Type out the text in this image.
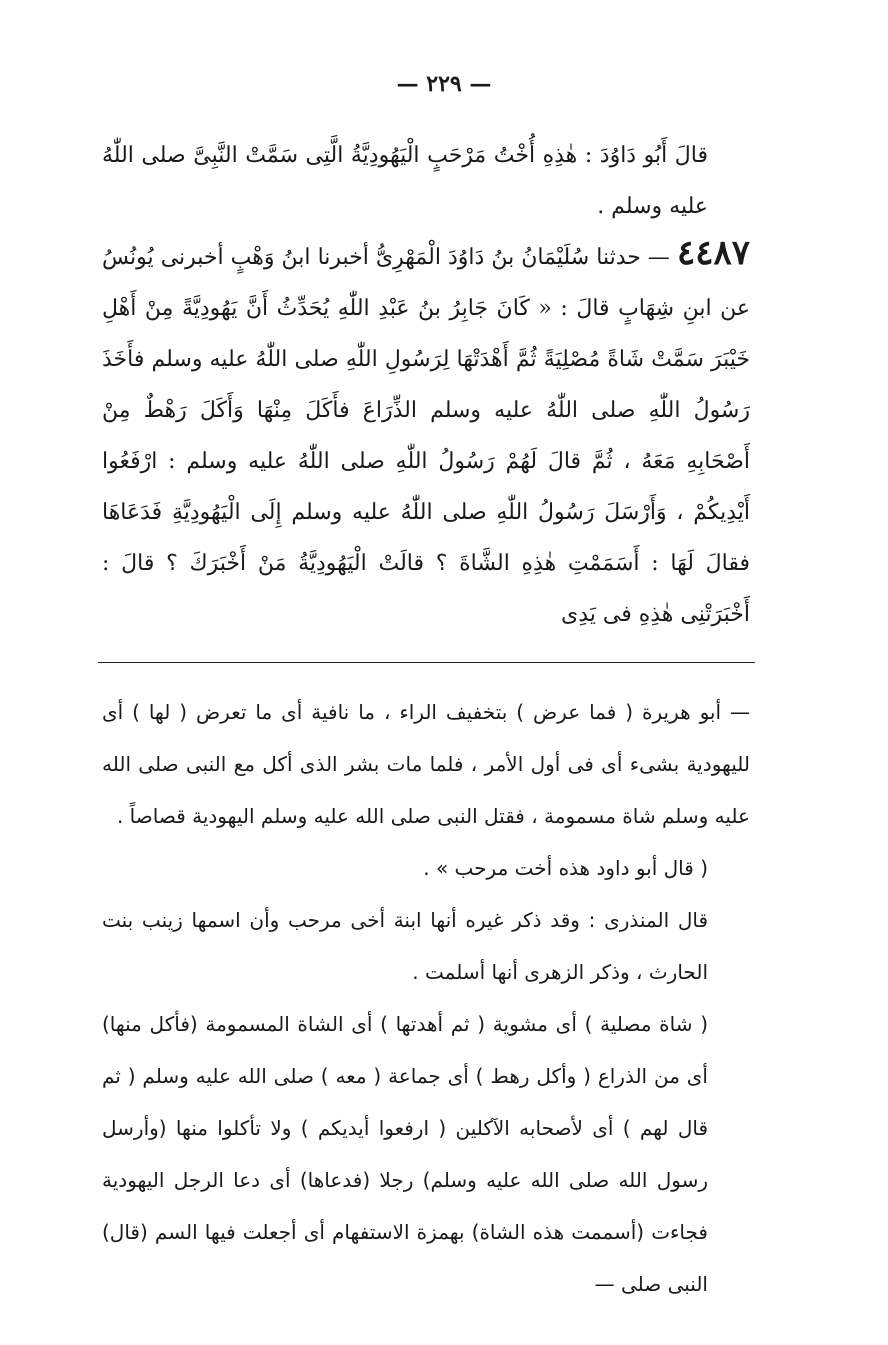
— ٢٢٩ —

قالَ أَبُو دَاوُدَ : هٰذِهِ أُخْتُ مَرْحَبٍ الْيَهُودِيَّةُ الَّتِى سَمَّتْ النَّبِىَّ صلى اللّٰهُ عليه وسلم .

٤٤٨٧ — حدثنا سُلَيْمَانُ بنُ دَاوُدَ الْمَهْرِىُّ أخبرنا ابنُ وَهْبٍ أخبرنى يُونُسُ عن ابنِ شِهَابٍ قالَ : « كَانَ جَابِرُ بنُ عَبْدِ اللّٰهِ يُحَدِّثُ أَنَّ يَهُودِيَّةً مِنْ أَهْلِ خَيْبَرَ سَمَّتْ شَاةً مُصْلِيَةً ثُمَّ أَهْدَتْهَا لِرَسُولِ اللّٰهِ صلى اللّٰهُ عليه وسلم فأَخَذَ رَسُولُ اللّٰهِ صلى اللّٰهُ عليه وسلم الذِّرَاعَ فأَكَلَ مِنْهَا وَأَكَلَ رَهْطٌ مِنْ أَصْحَابِهِ مَعَهُ ، ثُمَّ قالَ لَهُمْ رَسُولُ اللّٰهِ صلى اللّٰهُ عليه وسلم : ارْفَعُوا أَيْدِيكُمْ ، وَأَرْسَلَ رَسُولُ اللّٰهِ صلى اللّٰهُ عليه وسلم إِلَى الْيَهُودِيَّةِ فَدَعَاهَا فقالَ لَهَا : أَسَمَمْتِ هٰذِهِ الشَّاةَ ؟ قالَتْ الْيَهُودِيَّةُ مَنْ أَخْبَرَكَ ؟ قالَ : أَخْبَرَتْنِى هٰذِهِ فى يَدِى

— أبو هريرة ( فما عرض ) بتخفيف الراء ، ما نافية أى ما تعرض ( لها ) أى لليهودية بشىء أى فى أول الأمر ، فلما مات بشر الذى أكل مع النبى صلى الله عليه وسلم شاة مسمومة ، فقتل النبى صلى الله عليه وسلم اليهودية قصاصاً .

( قال أبو داود هذه أخت مرحب » .

قال المنذرى : وقد ذكر غيره أنها ابنة أخى مرحب وأن اسمها زينب بنت الحارث ، وذكر الزهرى أنها أسلمت .

( شاة مصلية ) أى مشوية ( ثم أهدتها ) أى الشاة المسمومة (فأكل منها) أى من الذراع ( وأكل رهط ) أى جماعة ( معه ) صلى الله عليه وسلم ( ثم قال لهم ) أى لأصحابه الآكلين ( ارفعوا أيديكم ) ولا تأكلوا منها (وأرسل رسول الله صلى الله عليه وسلم) رجلا (فدعاها) أى دعا الرجل اليهودية فجاءت (أسممت هذه الشاة) بهمزة الاستفهام أى أجعلت فيها السم (قال) النبى صلى —
